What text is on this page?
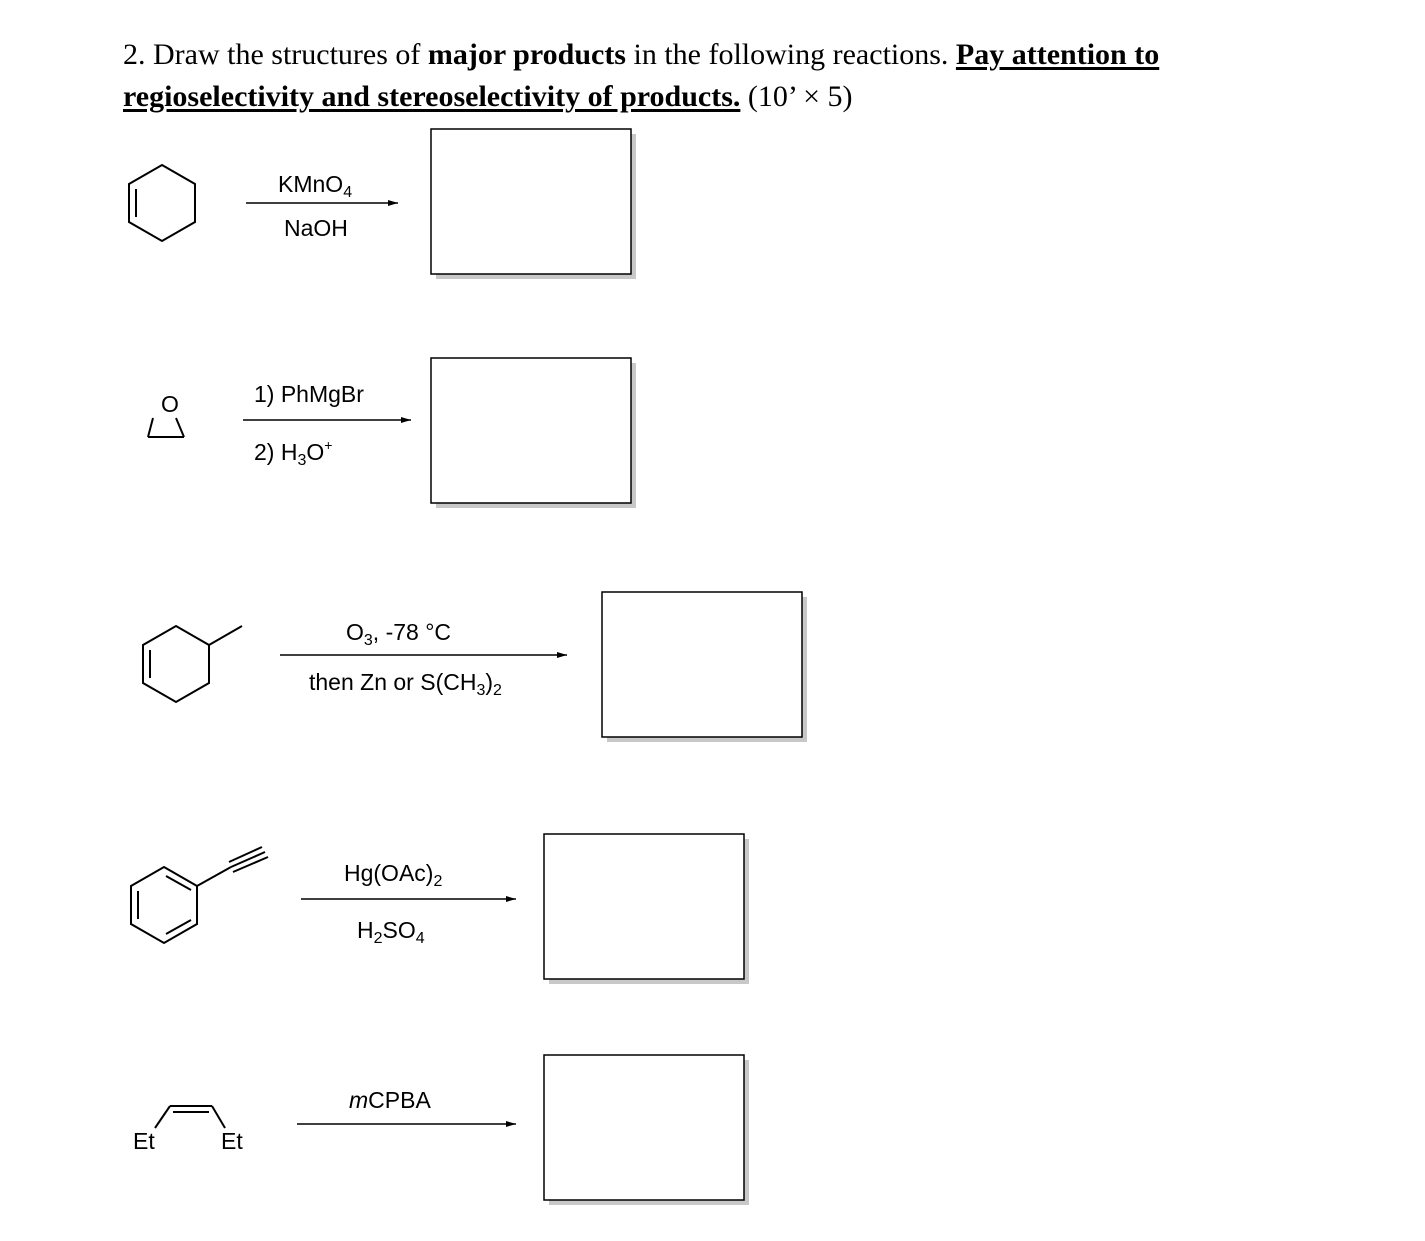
2. Draw the structures of major products in the following reactions. Pay attention to
regioselectivity and stereoselectivity of products. (10’ × 5)
KMnO$_4$
NaOH
O	1) PhMgBr
2) $H_3O^+$
$O_3$, -78 °C
then Zn or $S(CH_3)_2$
$Hg(OAc)_2$
$H_2SO_4$
Et	Et
mCPBA
